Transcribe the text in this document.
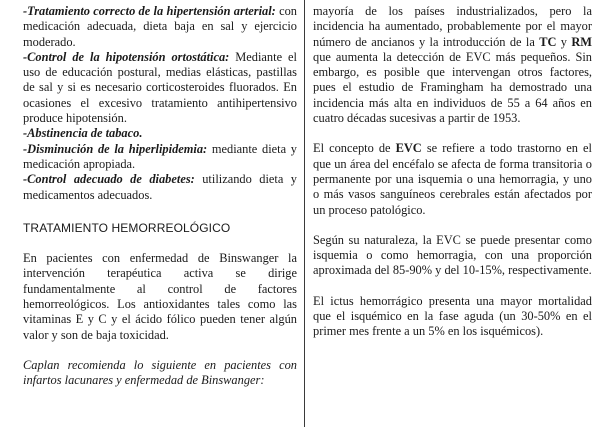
-Tratamiento correcto de la hipertensión arterial: con medicación adecuada, dieta baja en sal y ejercicio moderado.

-Control de la hipotensión ortostática: Mediante el uso de educación postural, medias elásticas, pastillas de sal y si es necesario corticosteroides fluorados. En ocasiones el excesivo tratamiento antihipertensivo produce hipotensión.

-Abstinencia de tabaco.

-Disminución de la hiperlipidemia: mediante dieta y medicación apropiada.

-Control adecuado de diabetes: utilizando dieta y medicamentos adecuados.

TRATAMIENTO HEMORREOLÓGICO

En pacientes con enfermedad de Binswanger la intervención terapéutica activa se dirige fundamentalmente al control de factores hemorreológicos. Los antioxidantes tales como las vitaminas E y C y el ácido fólico pueden tener algún valor y son de baja toxicidad.

Caplan recomienda lo siguiente en pacientes con infartos lacunares y enfermedad de Binswanger:

mayoría de los países industrializados, pero la incidencia ha aumentado, probablemente por el mayor número de ancianos y la introducción de la TC y RM que aumenta la detección de EVC más pequeños. Sin embargo, es posible que intervengan otros factores, pues el estudio de Framingham ha demostrado una incidencia más alta en individuos de 55 a 64 años en cuatro décadas sucesivas a partir de 1953.

El concepto de EVC se refiere a todo trastorno en el que un área del encéfalo se afecta de forma transitoria o permanente por una isquemia o una hemorragia, y uno o más vasos sanguíneos cerebrales están afectados por un proceso patológico.

Según su naturaleza, la EVC se puede presentar como isquemia o como hemorragia, con una proporción aproximada del 85-90% y del 10-15%, respectivamente.

El ictus hemorrágico presenta una mayor mortalidad que el isquémico en la fase aguda (un 30-50% en el primer mes frente a un 5% en los isquémicos).
